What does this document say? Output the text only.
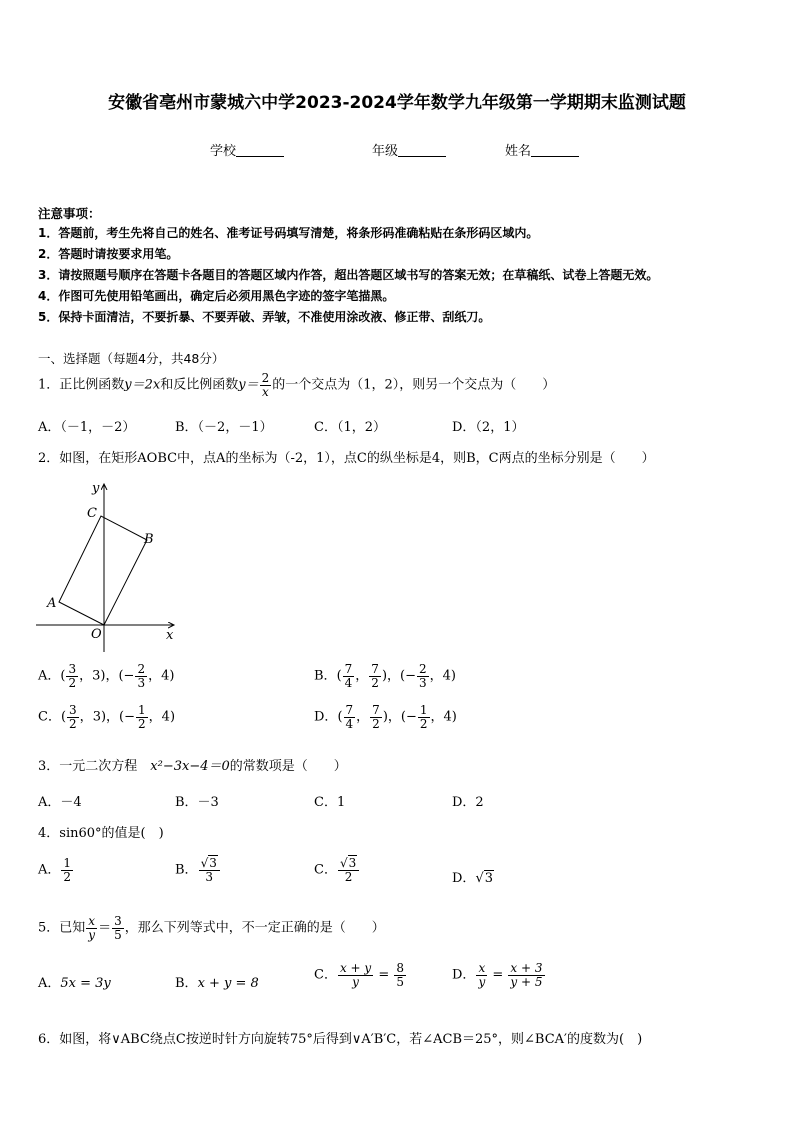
安徽省亳州市蒙城六中学2023-2024学年数学九年级第一学期期末监测试题
学校	年级	姓名
注意事项：
1．答题前，考生先将自己的姓名、准考证号码填写清楚，将条形码准确粘贴在条形码区域内。
2．答题时请按要求用笔。
3．请按照题号顺序在答题卡各题目的答题区域内作答，超出答题区域书写的答案无效；在草稿纸、试卷上答题无效。
4．作图可先使用铅笔画出，确定后必须用黑色字迹的签字笔描黑。
5．保持卡面清洁，不要折暴、不要弄破、弄皱，不准使用涂改液、修正带、刮纸刀。
一、选择题（每题4分，共48分）
1．正比例函数y＝2x和反比例函数$y= \frac{2}{x}$ 的一个交点为（1，2），则另一个交点为（　　）
A．（－1，－2）	B．（－2，－1）	C．（1，2）	D．（2，1）
2．如图，在矩形AOBC中，点A的坐标为（-2，1），点C的纵坐标是4，则B，C两点的坐标分别是（　　）
y
x
C
B
A
O
A．( $\frac{3}{2}$ ，3)，(− $\frac{2}{3}$ ，4)	B．( $\frac{7}{4}$ ， $\frac{7}{2}$ )，(− $\frac{2}{3}$ ，4)
C．( $\frac{3}{2}$ ，3)，(− $\frac{1}{2}$ ，4)	D．( $\frac{7}{4}$ ， $\frac{7}{2}$ )，(− $\frac{1}{2}$ ，4)
3．一元二次方程　x²−3x−4＝0的常数项是（　　）
A．－4	B．－3	C．1	D．2
4．sin60°的值是(　)
A． $\frac{1}{2}$	B． $\frac{√3}{3}$	C． $\frac{√3}{2}$	D．√3
5．已知 $\frac{x}{y} = \frac{3}{5}$ ，那么下列等式中，不一定正确的是（　　）
A．5x = 3y	B．x + y = 8
C． $\frac{x + y}{y} = \frac{8}{5}$	D． $\frac{x}{y} = \frac{x + 3}{y + 5}$
6．如图，将∨ABC绕点C按逆时针方向旋转75°后得到∨A′B′C，若∠ACB＝25°，则∠BCA′的度数为(　)
